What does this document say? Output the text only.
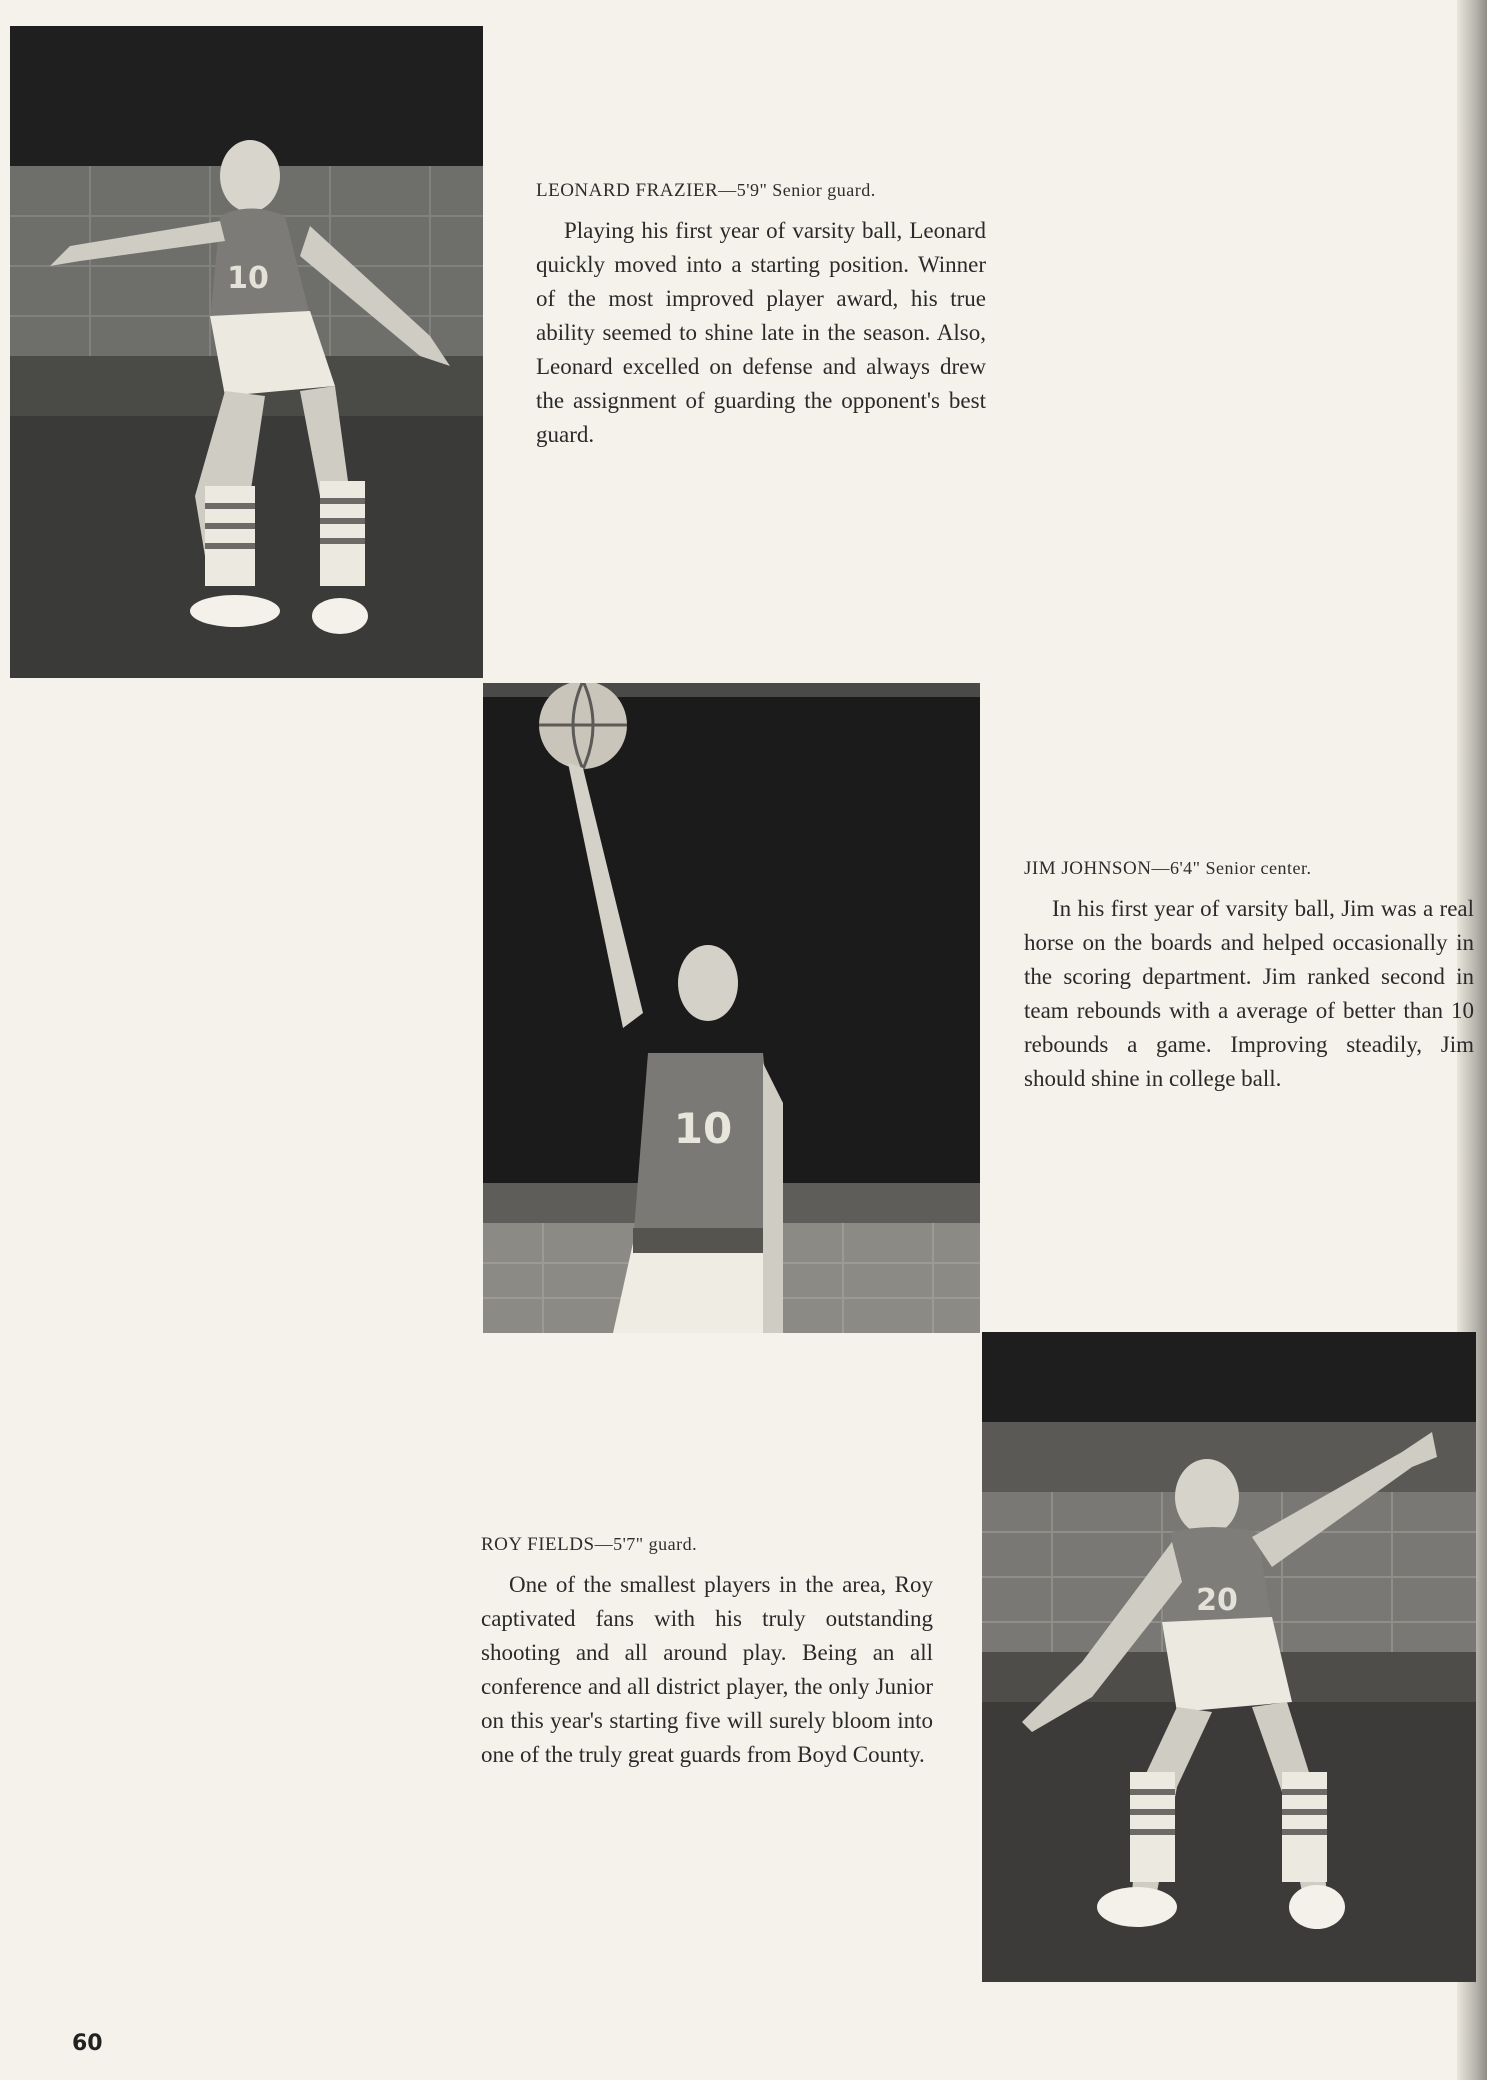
10

LEONARD FRAZIER—5'9" Senior guard.

Playing his first year of varsity ball, Leonard quickly moved into a starting position. Winner of the most improved player award, his true ability seemed to shine late in the season. Also, Leonard excelled on defense and always drew the assignment of guarding the opponent's best guard.

10

JIM JOHNSON—6'4" Senior center.

In his first year of varsity ball, Jim was a real horse on the boards and helped occasionally in the scoring department. Jim ranked second in team rebounds with a average of better than 10 rebounds a game. Improving steadily, Jim should shine in college ball.

20

ROY FIELDS—5'7" guard.

One of the smallest players in the area, Roy captivated fans with his truly outstanding shooting and all around play. Being an all conference and all district player, the only Junior on this year's starting five will surely bloom into one of the truly great guards from Boyd County.

60
